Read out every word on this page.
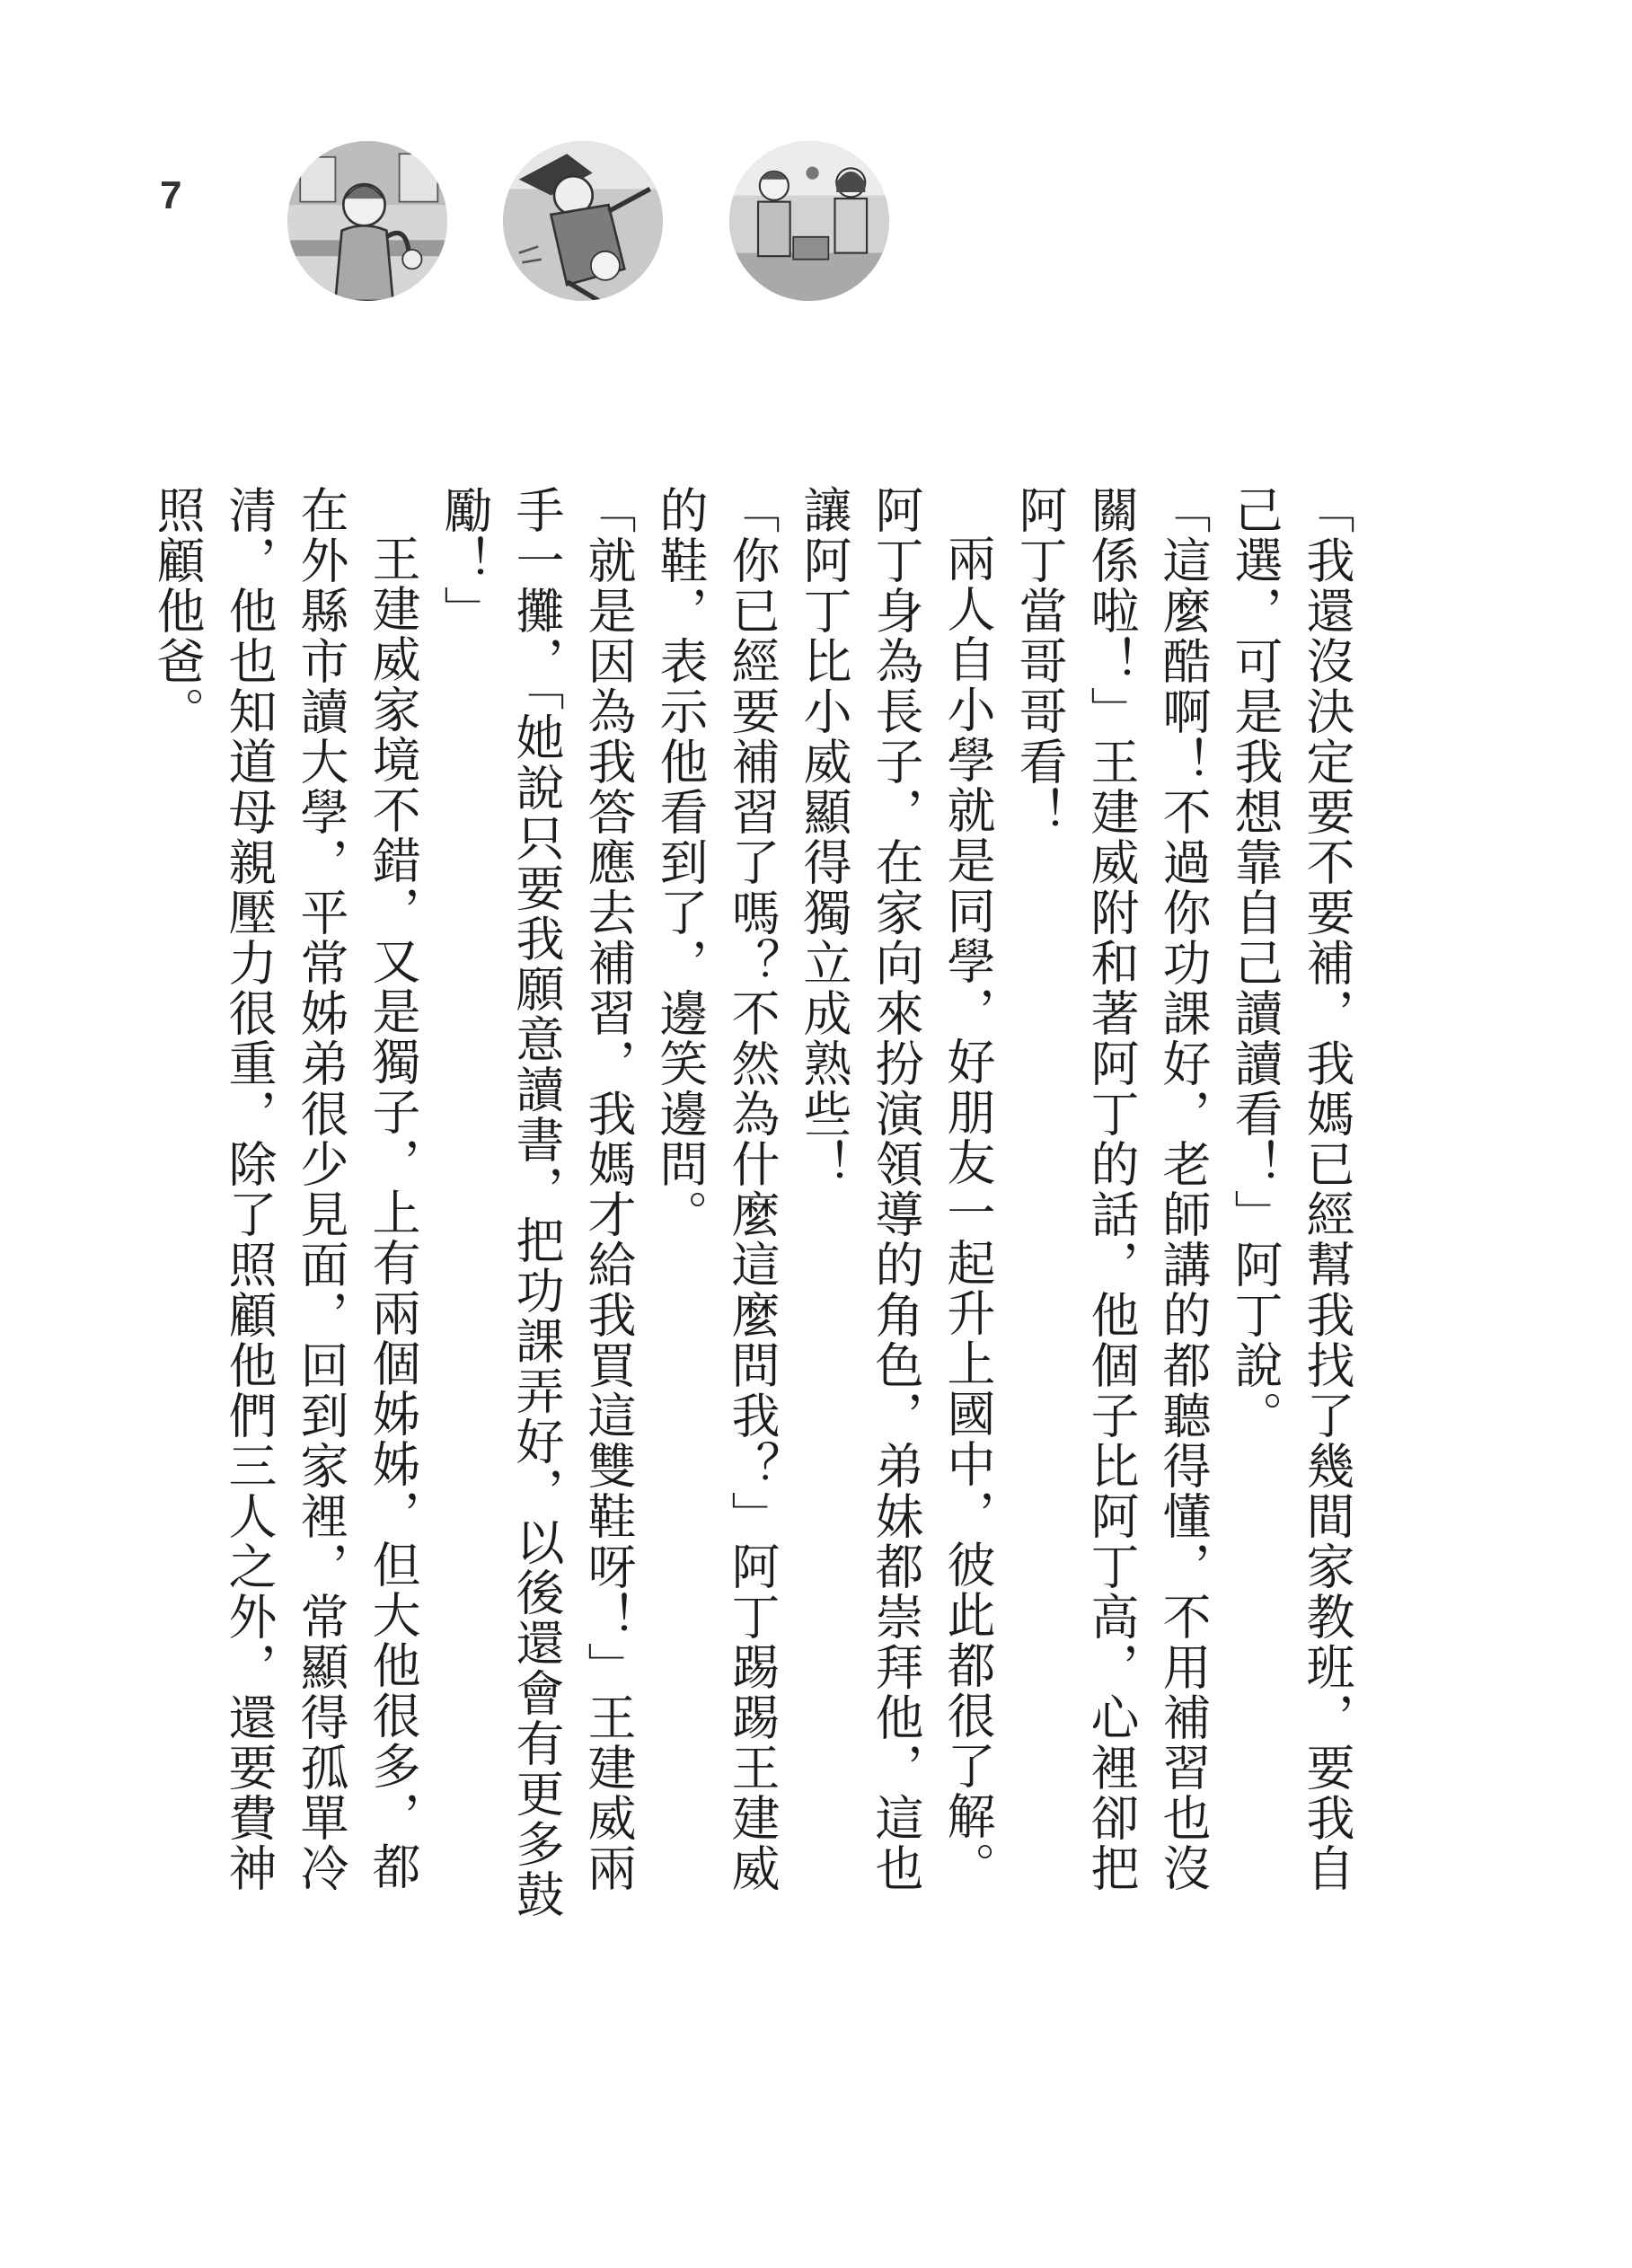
7

「我還沒決定要不要補，我媽已經幫我找了幾間家教班，要我自己選，可是我想靠自己讀讀看！」阿丁說。

「這麼酷啊！不過你功課好，老師講的都聽得懂，不用補習也沒關係啦！」王建威附和著阿丁的話，他個子比阿丁高，心裡卻把阿丁當哥哥看！

兩人自小學就是同學，好朋友一起升上國中，彼此都很了解。阿丁身為長子，在家向來扮演領導的角色，弟妹都崇拜他，這也讓阿丁比小威顯得獨立成熟些！

「你已經要補習了嗎？不然為什麼這麼問我？」阿丁踢踢王建威的鞋，表示他看到了，邊笑邊問。

「就是因為我答應去補習，我媽才給我買這雙鞋呀！」王建威兩手一攤，「她說只要我願意讀書，把功課弄好，以後還會有更多鼓勵！」

王建威家境不錯，又是獨子，上有兩個姊姊，但大他很多，都在外縣市讀大學，平常姊弟很少見面，回到家裡，常顯得孤單冷清，他也知道母親壓力很重，除了照顧他們三人之外，還要費神照顧他爸。
